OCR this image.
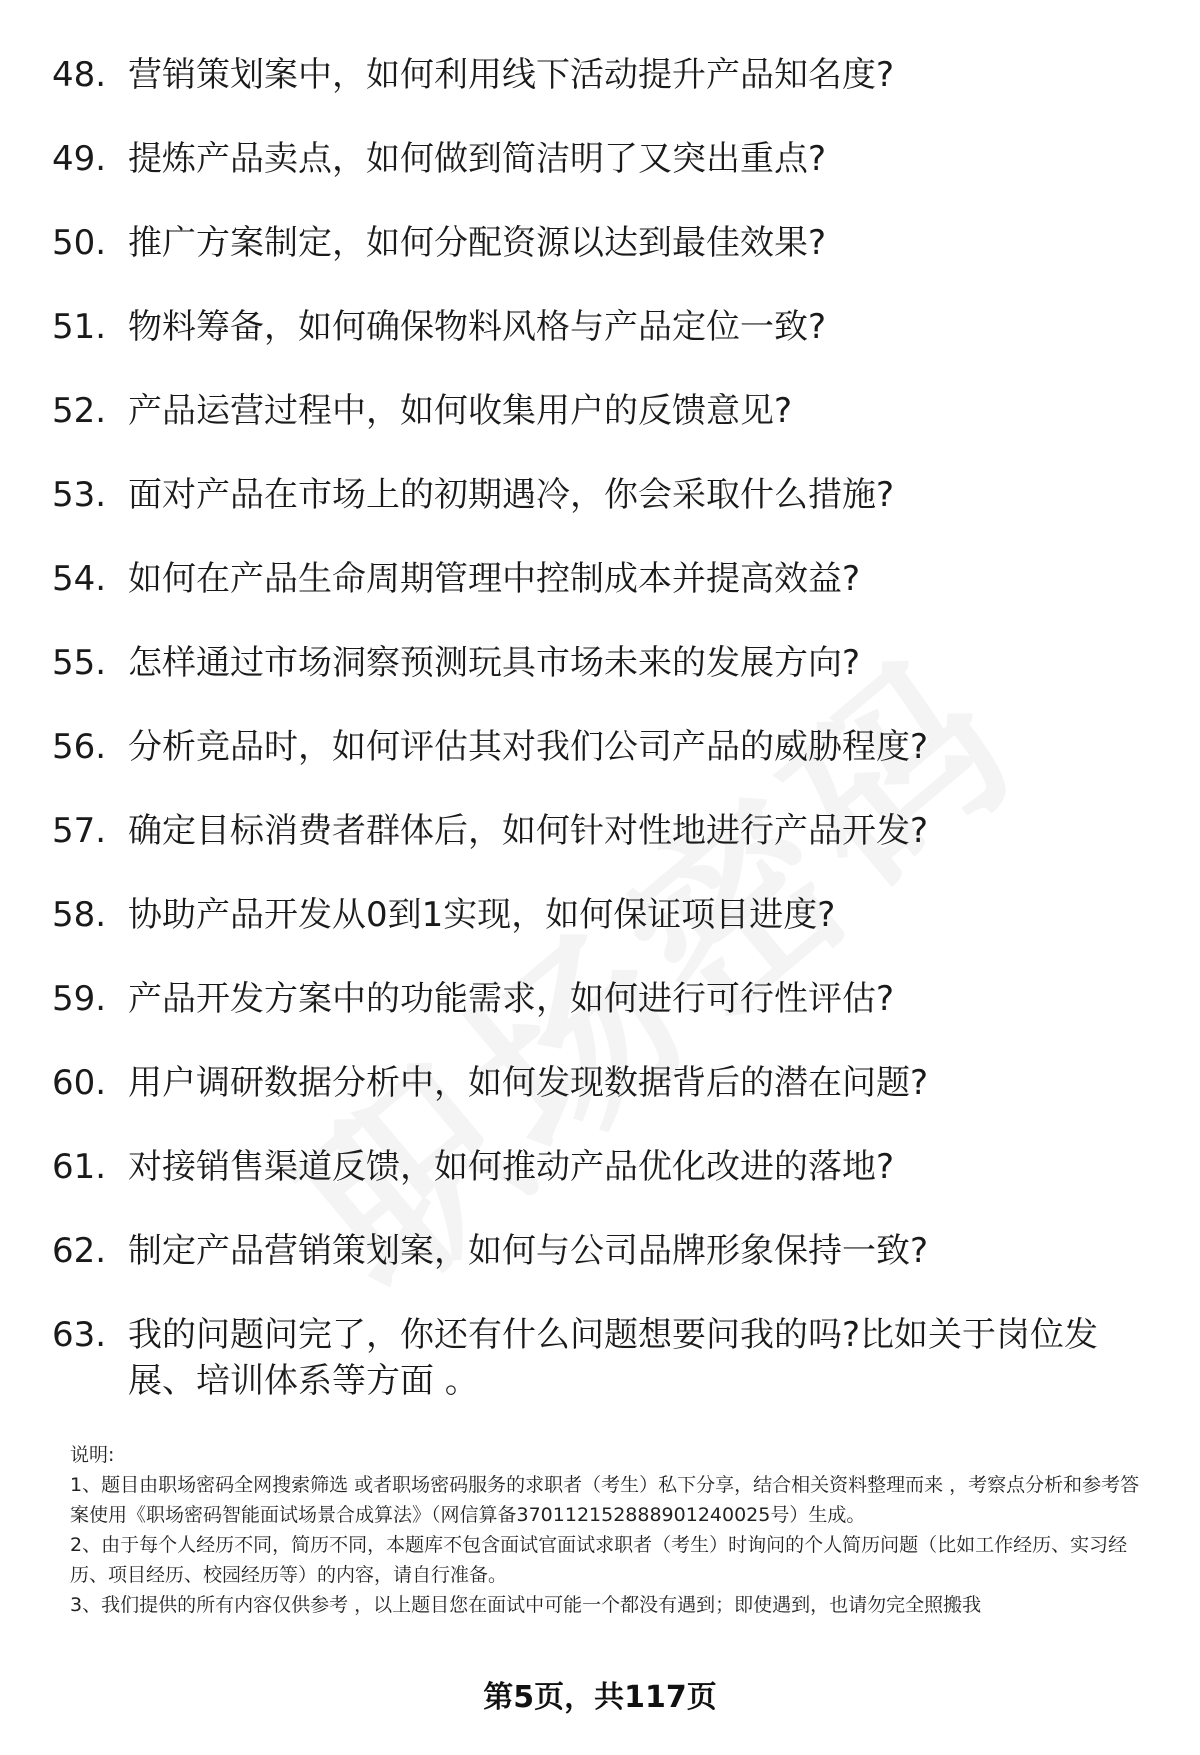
48. 营销策划案中，如何利用线下活动提升产品知名度?
49. 提炼产品卖点，如何做到简洁明了又突出重点?
50. 推广方案制定，如何分配资源以达到最佳效果?
51. 物料筹备，如何确保物料风格与产品定位一致?
52. 产品运营过程中，如何收集用户的反馈意见?
53. 面对产品在市场上的初期遇冷，你会采取什么措施?
54. 如何在产品生命周期管理中控制成本并提高效益?
55. 怎样通过市场洞察预测玩具市场未来的发展方向?
56. 分析竞品时，如何评估其对我们公司产品的威胁程度?
57. 确定目标消费者群体后，如何针对性地进行产品开发?
58. 协助产品开发从0到1实现，如何保证项目进度?
59. 产品开发方案中的功能需求，如何进行可行性评估?
60. 用户调研数据分析中，如何发现数据背后的潜在问题?
61. 对接销售渠道反馈，如何推动产品优化改进的落地?
62. 制定产品营销策划案，如何与公司品牌形象保持一致?
63. 我的问题问完了，你还有什么问题想要问我的吗?比如关于岗位发展、培训体系等方面 。

说明:

1、题目由职场密码全网搜索筛选 或者职场密码服务的求职者（考生）私下分享，结合相关资料整理而来 ，考察点分析和参考答案使用《职场密码智能面试场景合成算法》（网信算备370112152888901240025号）生成。

2、由于每个人经历不同，简历不同，本题库不包含面试官面试求职者（考生）时询问的个人简历问题（比如工作经历、实习经历、项目经历、校园经历等）的内容，请自行准备。

3、我们提供的所有内容仅供参考 ，以上题目您在面试中可能一个都没有遇到；即使遇到，也请勿完全照搬我

第5页，共117页
